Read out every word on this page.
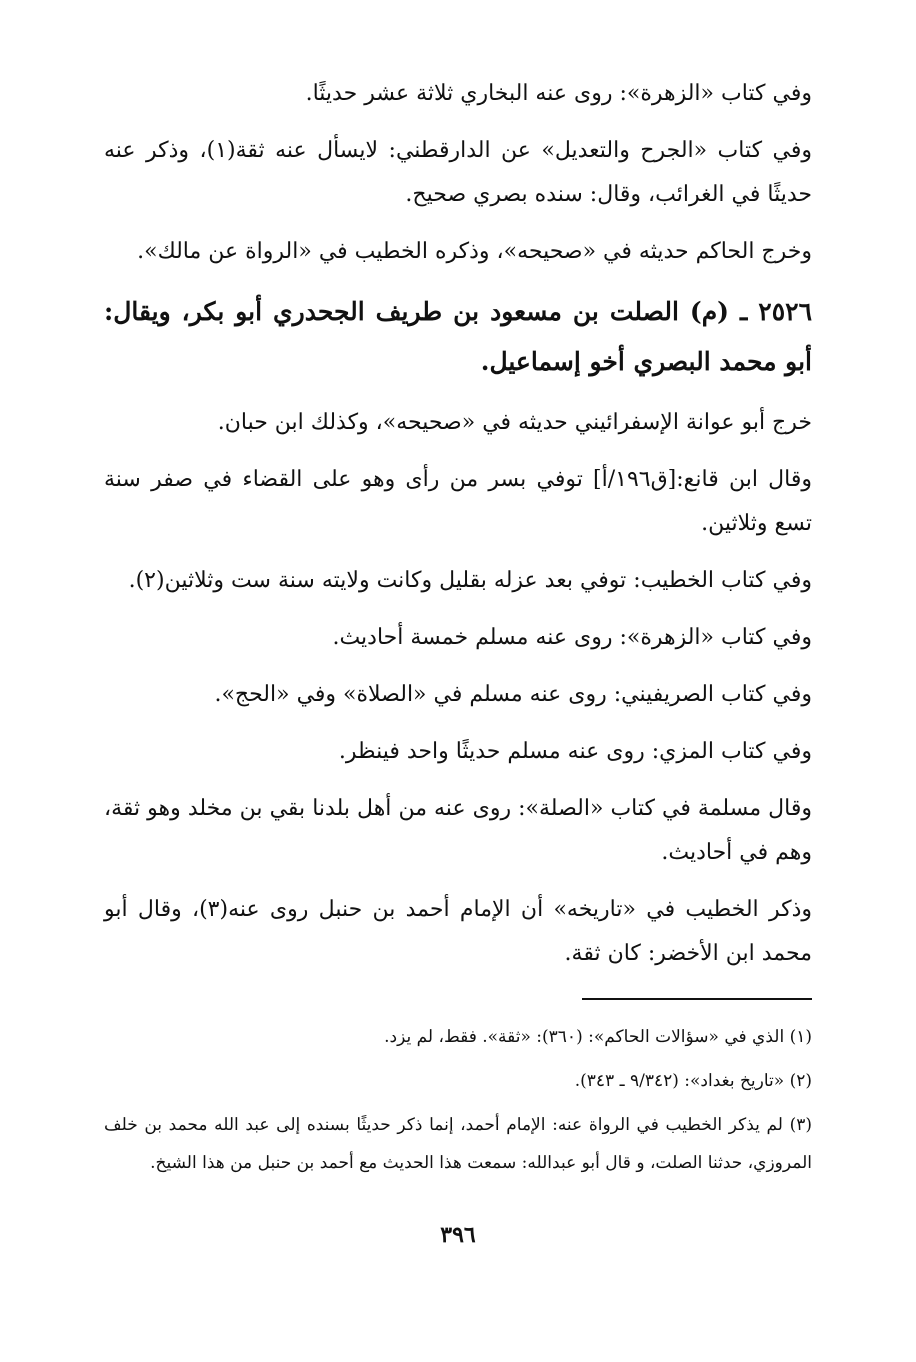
وفي كتاب «الزهرة»: روى عنه البخاري ثلاثة عشر حديثًا.

وفي كتاب «الجرح والتعديل» عن الدارقطني: لايسأل عنه ثقة(١)، وذكر عنه حديثًا في الغرائب، وقال: سنده بصري صحيح.

وخرج الحاكم حديثه في «صحيحه»، وذكره الخطيب في «الرواة عن مالك».

٢٥٢٦ ـ (م) الصلت بن مسعود بن طريف الجحدري أبو بكر، ويقال: أبو محمد البصري أخو إسماعيل.

خرج أبو عوانة الإسفرائيني حديثه في «صحيحه»، وكذلك ابن حبان.

وقال ابن قانع:[ق١٩٦/أ] توفي بسر من رأى وهو على القضاء في صفر سنة تسع وثلاثين.

وفي كتاب الخطيب: توفي بعد عزله بقليل وكانت ولايته سنة ست وثلاثين(٢).

وفي كتاب «الزهرة»: روى عنه مسلم خمسة أحاديث.

وفي كتاب الصريفيني: روى عنه مسلم في «الصلاة» وفي «الحج».

وفي كتاب المزي: روى عنه مسلم حديثًا واحد فينظر.

وقال مسلمة في كتاب «الصلة»: روى عنه من أهل بلدنا بقي بن مخلد وهو ثقة، وهم في أحاديث.

وذكر الخطيب في «تاريخه» أن الإمام أحمد بن حنبل روى عنه(٣)، وقال أبو محمد ابن الأخضر: كان ثقة.

(١) الذي في «سؤالات الحاكم»: (٣٦٠): «ثقة». فقط، لم يزد.

(٢) «تاريخ بغداد»: (٩/٣٤٢ ـ ٣٤٣).

(٣) لم يذكر الخطيب في الرواة عنه: الإمام أحمد، إنما ذكر حديثًا بسنده إلى عبد الله محمد بن خلف المروزي، حدثنا الصلت، و قال أبو عبدالله: سمعت هذا الحديث مع أحمد بن حنبل من هذا الشيخ.

٣٩٦
